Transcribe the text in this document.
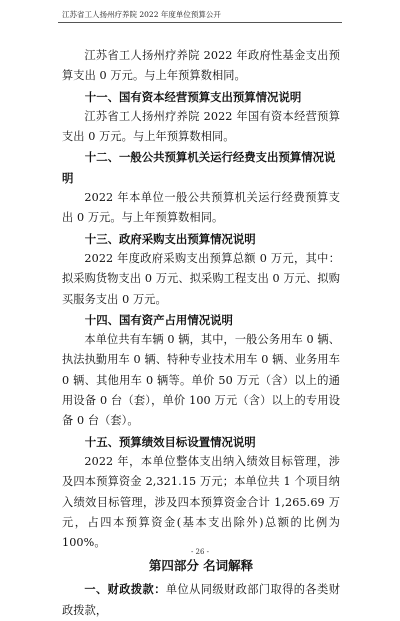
江苏省工人扬州疗养院 2022 年度单位预算公开

江苏省工人扬州疗养院 2022 年政府性基金支出预算支出 0 万元。与上年预算数相同。

十一、国有资本经营预算支出预算情况说明

江苏省工人扬州疗养院 2022 年国有资本经营预算支出 0 万元。与上年预算数相同。

十二、一般公共预算机关运行经费支出预算情况说明

2022 年本单位一般公共预算机关运行经费预算支出 0 万元。与上年预算数相同。

十三、政府采购支出预算情况说明

2022 年度政府采购支出预算总额 0 万元，其中：拟采购货物支出 0 万元、拟采购工程支出 0 万元、拟购买服务支出 0 万元。

十四、国有资产占用情况说明

本单位共有车辆 0 辆，其中，一般公务用车 0 辆、执法执勤用车 0 辆、特种专业技术用车 0 辆、业务用车 0 辆、其他用车 0 辆等。单价 50 万元（含）以上的通用设备 0 台（套），单价 100 万元（含）以上的专用设备 0 台（套）。

十五、预算绩效目标设置情况说明

2022 年，本单位整体支出纳入绩效目标管理，涉及四本预算资金 2,321.15 万元；本单位共 1 个项目纳入绩效目标管理，涉及四本预算资金合计 1,265.69 万元，占四本预算资金(基本支出除外)总额的比例为 100%。

第四部分 名词解释

一、财政拨款：单位从同级财政部门取得的各类财政拨款，

- 26 -
